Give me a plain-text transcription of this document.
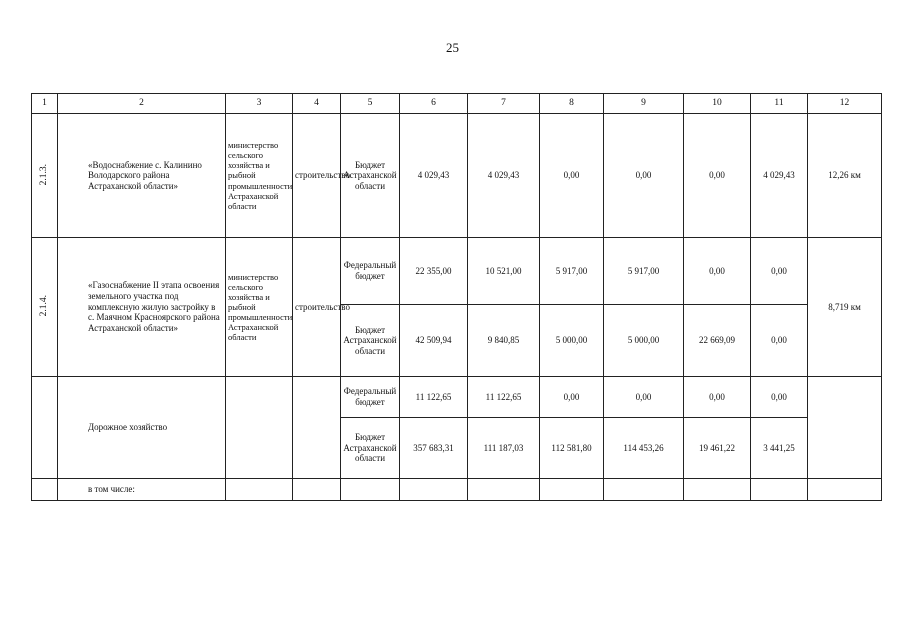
25
1	2	3	4	5	6	7	8	9	10	11	12
2.1.3.	«Водоснабжение с. Калинино Володарского района Астраханской области»	министерство сельского хозяйства и рыбной промышленности Астраханской области	строительство	Бюджет Астраханской области	4 029,43	4 029,43	0,00	0,00	0,00	4 029,43	12,26 км
2.1.4.	«Газоснабжение II этапа освоения земельного участка под комплексную жилую застройку в с. Маячном Красноярского района Астраханской области»	министерство сельского хозяйства и рыбной промышленности Астраханской области	строительство	Федеральный бюджет	22 355,00	10 521,00	5 917,00	5 917,00	0,00	0,00	8,719 км
				Бюджет Астраханской области	42 509,94	9 840,85	5 000,00	5 000,00	22 669,09	0,00	
	Дорожное хозяйство			Федеральный бюджет	11 122,65	11 122,65	0,00	0,00	0,00	0,00	
				Бюджет Астраханской области	357 683,31	111 187,03	112 581,80	114 453,26	19 461,22	3 441,25	
	в том числе:										
